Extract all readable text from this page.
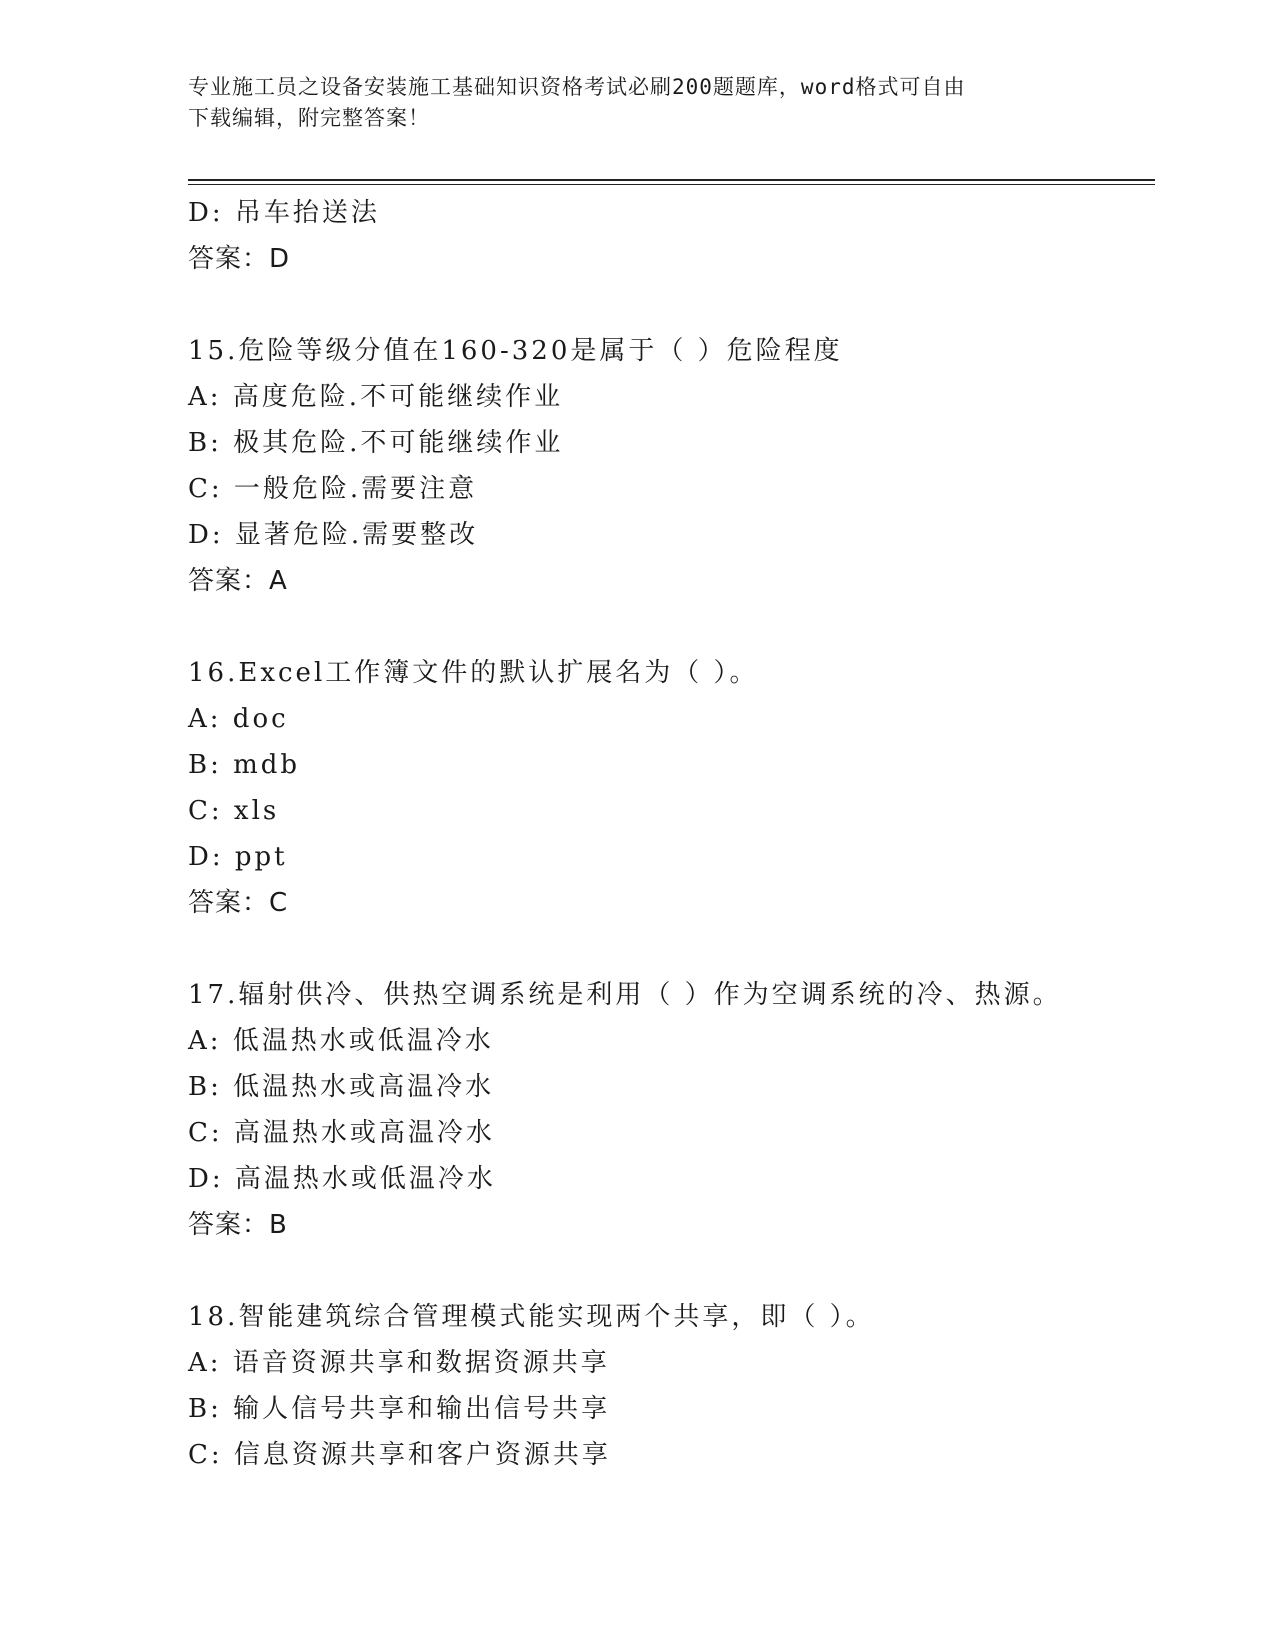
专业施工员之设备安装施工基础知识资格考试必刷200题题库，word格式可自由
下载编辑，附完整答案！
D: 吊车抬送法
答案：D
15.危险等级分值在160-320是属于（ ）危险程度
A: 高度危险.不可能继续作业
B: 极其危险.不可能继续作业
C: 一般危险.需要注意
D: 显著危险.需要整改
答案：A
16.Excel工作簿文件的默认扩展名为（ ）。
A: doc
B: mdb
C: xls
D: ppt
答案：C
17.辐射供冷、供热空调系统是利用（ ）作为空调系统的冷、热源。
A: 低温热水或低温冷水
B: 低温热水或高温冷水
C: 高温热水或高温冷水
D: 高温热水或低温冷水
答案：B
18.智能建筑综合管理模式能实现两个共享，即（ ）。
A: 语音资源共享和数据资源共享
B: 输人信号共享和输出信号共享
C: 信息资源共享和客户资源共享
